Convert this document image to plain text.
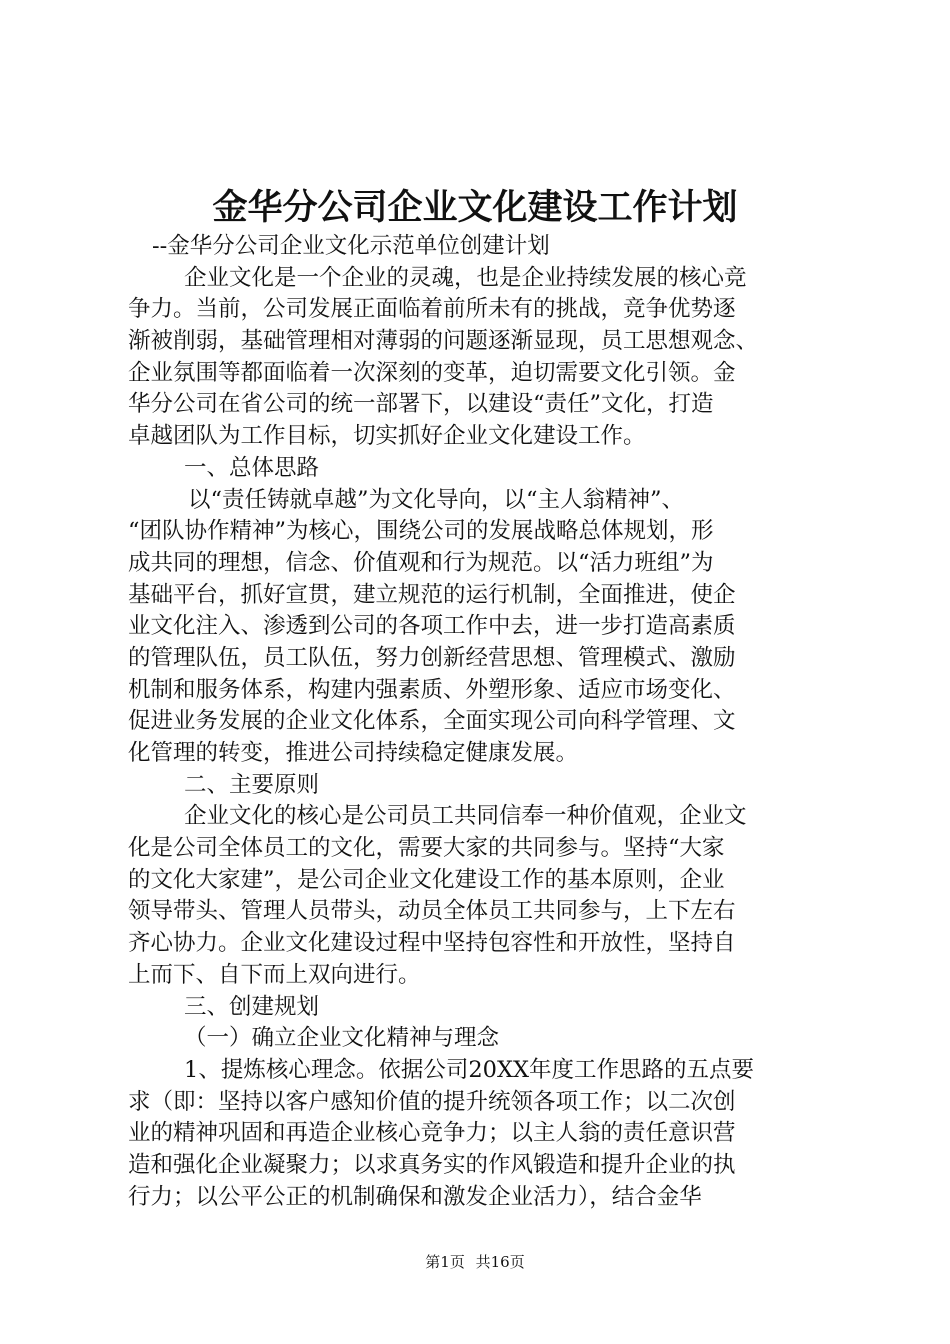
金华分公司企业文化建设工作计划
--金华分公司企业文化示范单位创建计划
企业文化是一个企业的灵魂，也是企业持续发展的核心竞
争力。当前，公司发展正面临着前所未有的挑战，竞争优势逐
渐被削弱，基础管理相对薄弱的问题逐渐显现，员工思想观念、
企业氛围等都面临着一次深刻的变革，迫切需要文化引领。金
华分公司在省公司的统一部署下，以建设“责任”文化，打造
卓越团队为工作目标，切实抓好企业文化建设工作。
一、总体思路
以“责任铸就卓越”为文化导向，以“主人翁精神”、
“团队协作精神”为核心，围绕公司的发展战略总体规划，形
成共同的理想，信念、价值观和行为规范。以“活力班组”为
基础平台，抓好宣贯，建立规范的运行机制，全面推进，使企
业文化注入、渗透到公司的各项工作中去，进一步打造高素质
的管理队伍，员工队伍，努力创新经营思想、管理模式、激励
机制和服务体系，构建内强素质、外塑形象、适应市场变化、
促进业务发展的企业文化体系，全面实现公司向科学管理、文
化管理的转变，推进公司持续稳定健康发展。
二、主要原则
企业文化的核心是公司员工共同信奉一种价值观，企业文
化是公司全体员工的文化，需要大家的共同参与。坚持“大家
的文化大家建”，是公司企业文化建设工作的基本原则，企业
领导带头、管理人员带头，动员全体员工共同参与，上下左右
齐心协力。企业文化建设过程中坚持包容性和开放性，坚持自
上而下、自下而上双向进行。
三、创建规划
（一）确立企业文化精神与理念
1、提炼核心理念。依据公司20XX年度工作思路的五点要
求（即：坚持以客户感知价值的提升统领各项工作；以二次创
业的精神巩固和再造企业核心竞争力；以主人翁的责任意识营
造和强化企业凝聚力；以求真务实的作风锻造和提升企业的执
行力；以公平公正的机制确保和激发企业活力），结合金华
第1页 共16页
